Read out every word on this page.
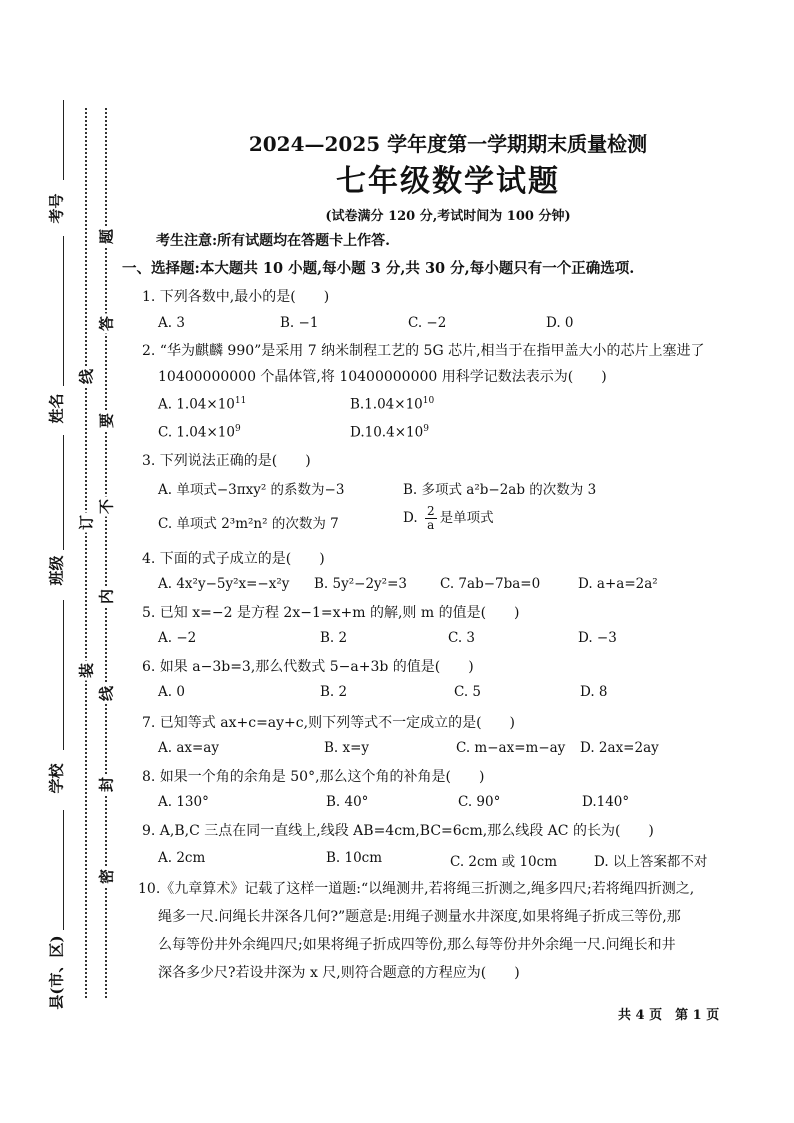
考号
姓名
班级
学校
县(市、区)
题
答
线
要
订
不
内
装
线
封
密
2024—2025 学年度第一学期期末质量检测
七年级数学试题
(试卷满分 120 分,考试时间为 100 分钟)
考生注意:所有试题均在答题卡上作答.
一、选择题:本大题共 10 小题,每小题 3 分,共 30 分,每小题只有一个正确选项.
1. 下列各数中,最小的是(　　)
A. 3	B. −1	C. −2	D. 0
2. “华为麒麟 990”是采用 7 纳米制程工艺的 5G 芯片,相当于在指甲盖大小的芯片上塞进了
10400000000 个晶体管,将 10400000000 用科学记数法表示为(　　)
A. $1.04\times 10^{11}$	$B.1.04\times 10^{10}$
C. $1.04\times 10^9$	$D.10.4\times 10^9$
3. 下列说法正确的是(　　)
A. 单项式−3πxy² 的系数为−3	B. 多项式 a²b−2ab 的次数为 3
C. 单项式 2³m²n² 的次数为 7	D. $\frac{2}{a}$ 是单项式
4. 下面的式子成立的是(　　)
A. 4x²y−5y²x=−x²y B. 5y²−2y²=3 C. 7ab−7ba=0	D. a+a=2a²
5. 已知 x=−2 是方程 2x−1=x+m 的解,则 m 的值是(　　)
A. −2	B. 2	C. 3	D. −3
6. 如果 a−3b=3,那么代数式 5−a+3b 的值是(　　)
A. 0	B. 2	C. 5	D. 8
7. 已知等式 ax+c=ay+c,则下列等式不一定成立的是(　　)
A. ax=ay	B. x=y	C. m−ax=m−ay D. 2ax=2ay
8. 如果一个角的余角是 50°,那么这个角的补角是(　　)
A. 130°	B. 40°	C. 90°	D.140°
9. A,B,C 三点在同一直线上,线段 AB=4cm,BC=6cm,那么线段 AC 的长为(　　)
A. 2cm	B. 10cm	C. 2cm 或 10cm	D. 以上答案都不对
10.《九章算术》记载了这样一道题:“以绳测井,若将绳三折测之,绳多四尺;若将绳四折测之,
绳多一尺.问绳长井深各几何?”题意是:用绳子测量水井深度,如果将绳子折成三等份,那
么每等份井外余绳四尺;如果将绳子折成四等份,那么每等份井外余绳一尺.问绳长和井
深各多少尺?若设井深为 x 尺,则符合题意的方程应为(　　)
共 4 页　第 1 页
